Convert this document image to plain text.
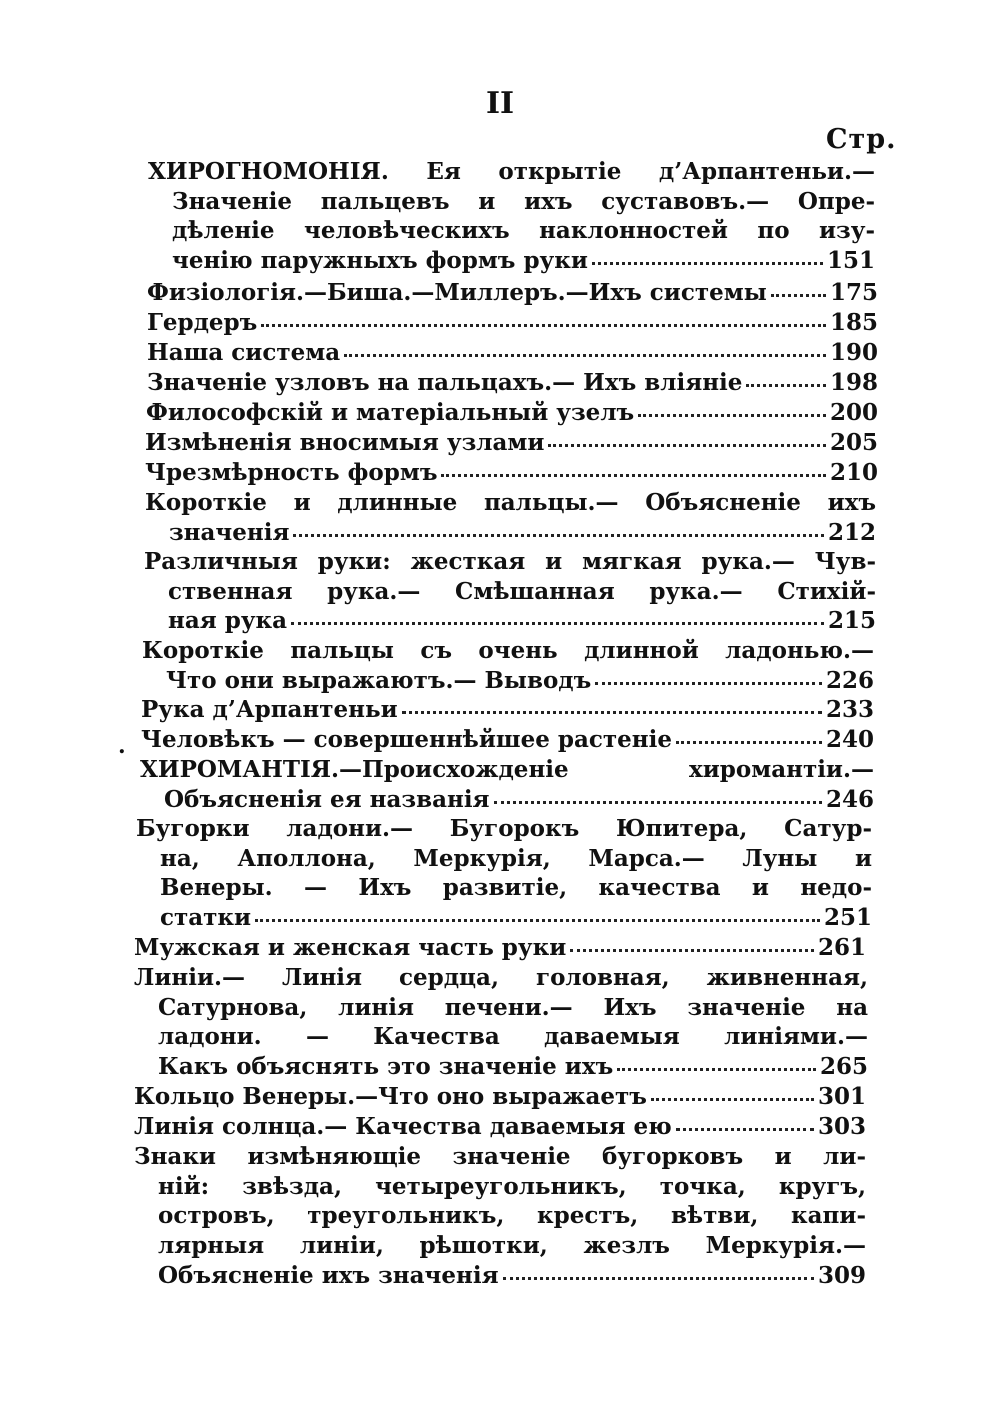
II
Стр.
ХИРОГНОМОНІЯ. Ея открытіе д’Арпантеньи.—
Значеніе пальцевъ и ихъ суставовъ.— Опре-
дѣленіе человѣческихъ наклонностей по изу-
ченію паружныхъ формъ руки	151
Физіологія.—Биша.—Миллеръ.—Ихъ системы	175
Гердеръ	185
Наша система	190
Значеніе узловъ на пальцахъ.— Ихъ вліяніе	198
Философскій и матеріальный узелъ	200
Измѣненія вносимыя узлами	205
Чрезмѣрность формъ	210
Короткіе и длинные пальцы.— Объясненіе ихъ
значенія	212
Различныя руки: жесткая и мягкая рука.— Чув-
ственная рука.— Смѣшанная рука.— Стихій-
ная рука	215
Короткіе пальцы съ очень длинной ладонью.—
Что они выражаютъ.— Выводъ	226
Рука д’Арпантеньи	233
Человѣкъ — совершеннѣйшее растеніе	240
ХИРОМАНТІЯ.—Происхожденіе хиромантіи.—
Объясненія ея названія	246
Бугорки ладони.— Бугорокъ Юпитера, Сатур-
на, Аполлона, Меркурія, Марса.— Луны и
Венеры. — Ихъ развитіе, качества и недо-
статки	251
Мужская и женская часть руки	261
Линіи.— Линія сердца, головная, живненная,
Сатурнова, линія печени.— Ихъ значеніе на
ладони. — Качества даваемыя линіями.—
Какъ объяснять это значеніе ихъ	265
Кольцо Венеры.—Что оно выражаетъ	301
Линія солнца.— Качества даваемыя ею	303
Знаки измѣняющіе значеніе бугорковъ и ли-
ній: звѣзда, четыреугольникъ, точка, кругъ,
островъ, треугольникъ, крестъ, вѣтви, капи-
лярныя линіи, рѣшотки, жезлъ Меркурія.—
Объясненіе ихъ значенія	309
.
